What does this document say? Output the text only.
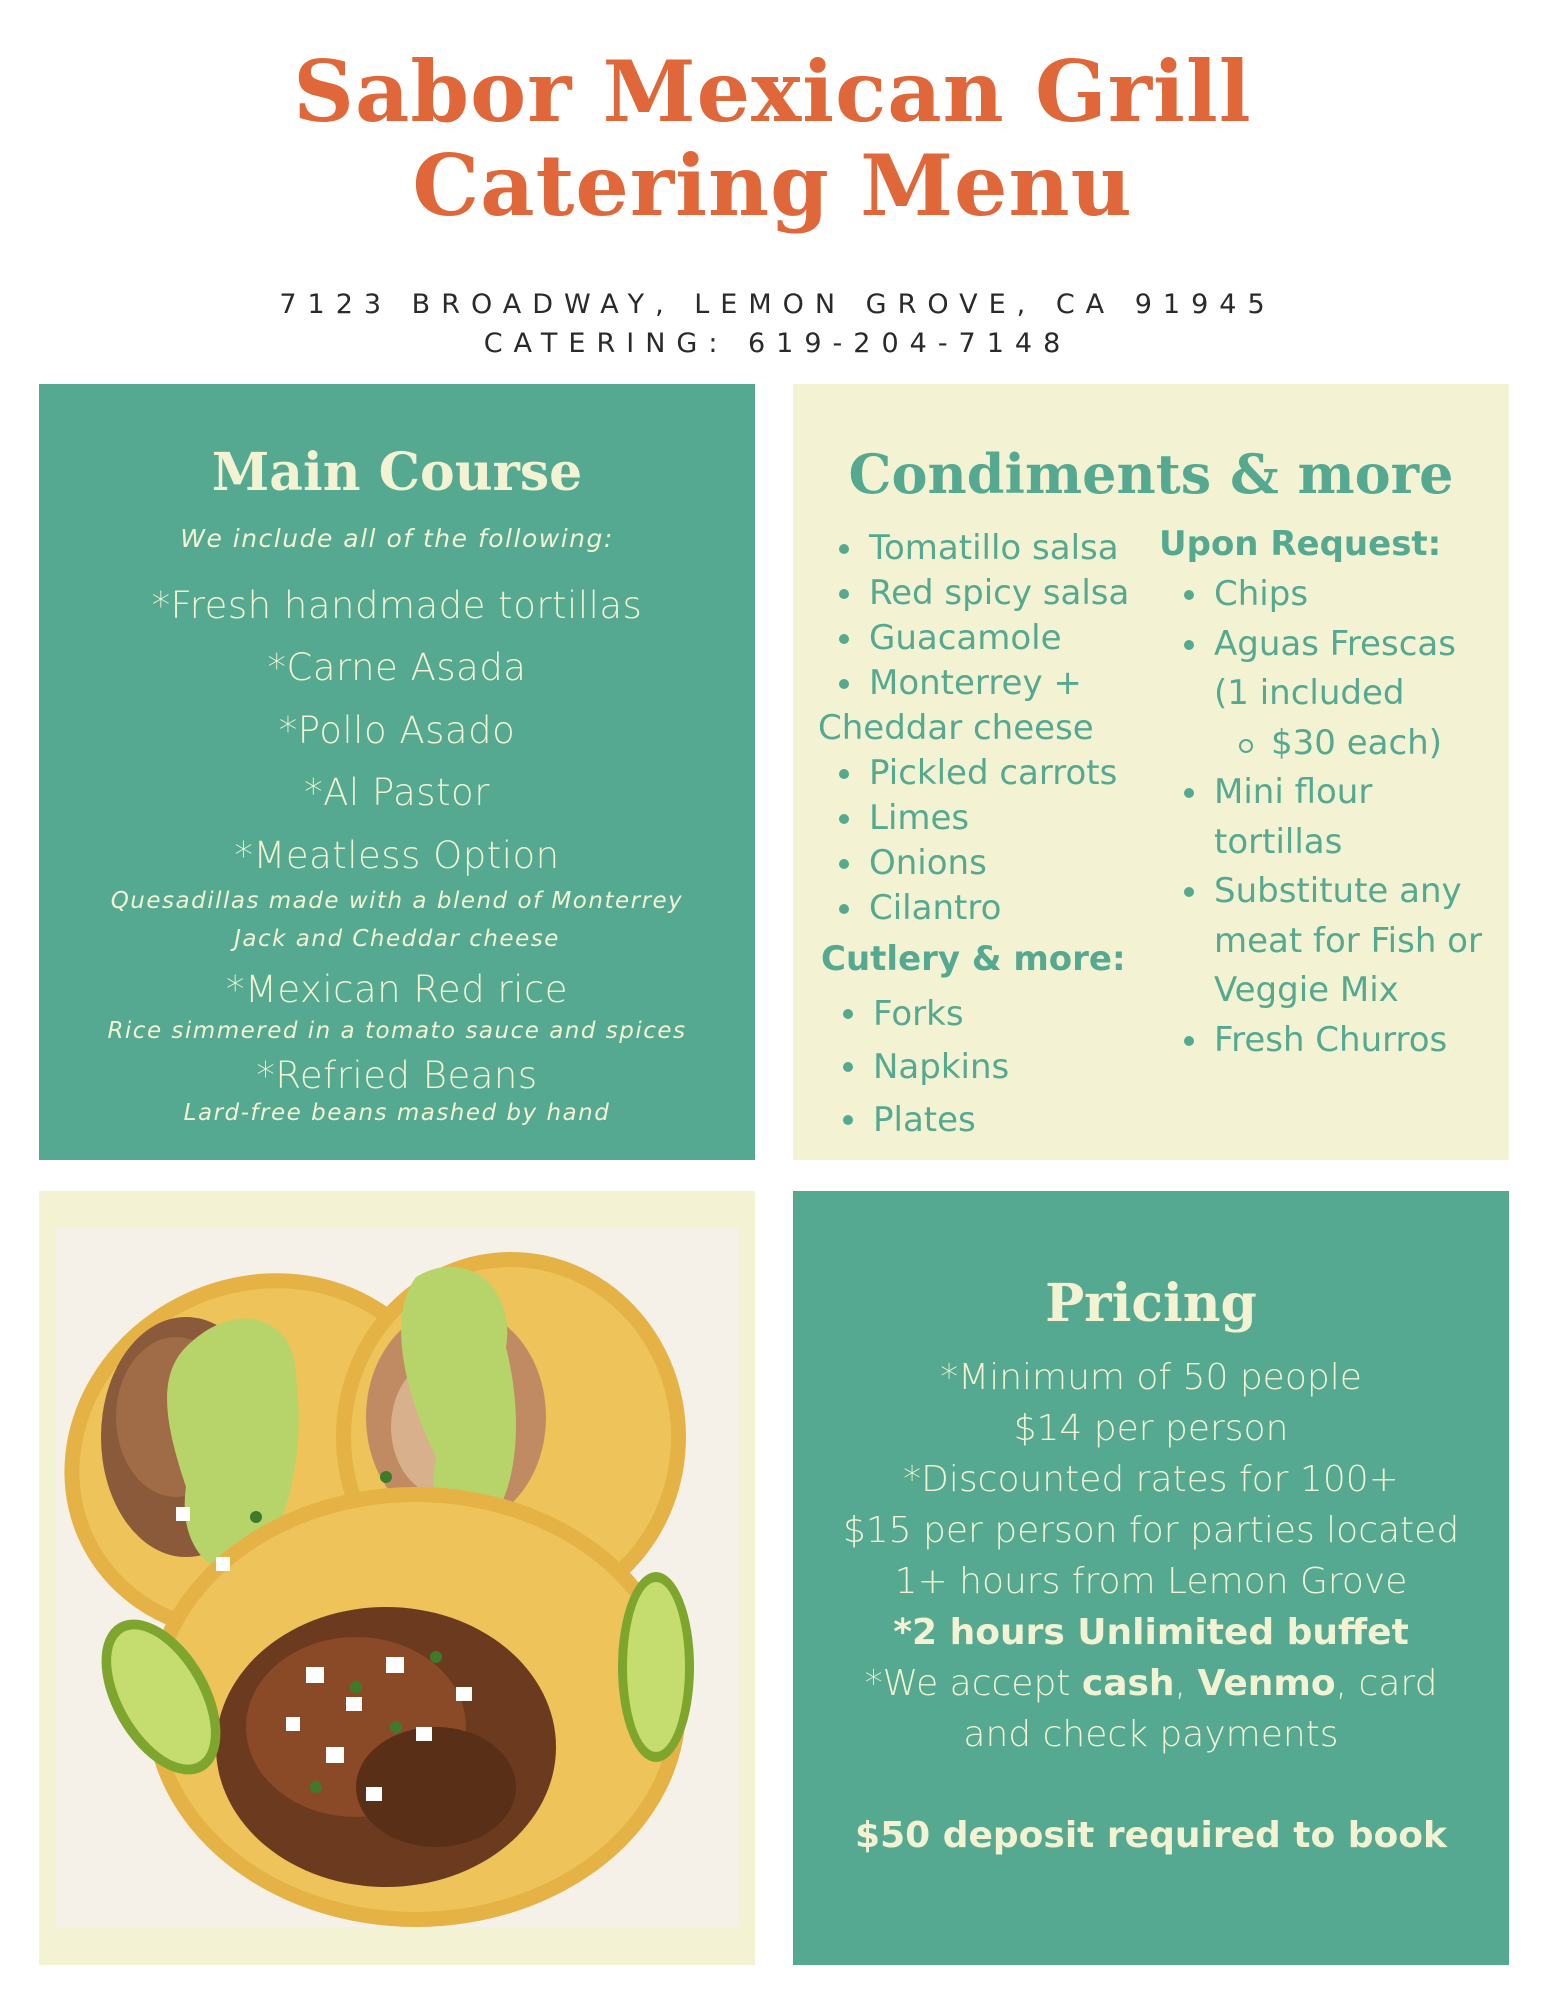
Sabor Mexican Grill
Catering Menu
7123 BROADWAY, LEMON GROVE, CA 91945
CATERING: 619-204-7148
Main Course
We include all of the following:
*Fresh handmade tortillas
*Carne Asada
*Pollo Asado
*Al Pastor
*Meatless Option
Quesadillas made with a blend of Monterrey
Jack and Cheddar cheese
*Mexican Red rice
Rice simmered in a tomato sauce and spices
*Refried Beans
Lard-free beans mashed by hand
Condiments & more
Tomatillo salsa
Red spicy salsa
Guacamole
Monterrey +
Cheddar cheese
Pickled carrots
Limes
Onions
Cilantro
Cutlery & more:
Forks
Napkins
Plates
Upon Request:
Chips
Aguas Frescas
(1 included
$30 each)
Mini flour
tortillas
Substitute any
meat for Fish or
Veggie Mix
Fresh Churros
Pricing
*Minimum of 50 people
$14 per person
*Discounted rates for 100+
$15 per person for parties located
1+ hours from Lemon Grove
*2 hours Unlimited buffet
*We accept cash, Venmo, card
and check payments
$50 deposit required to book
